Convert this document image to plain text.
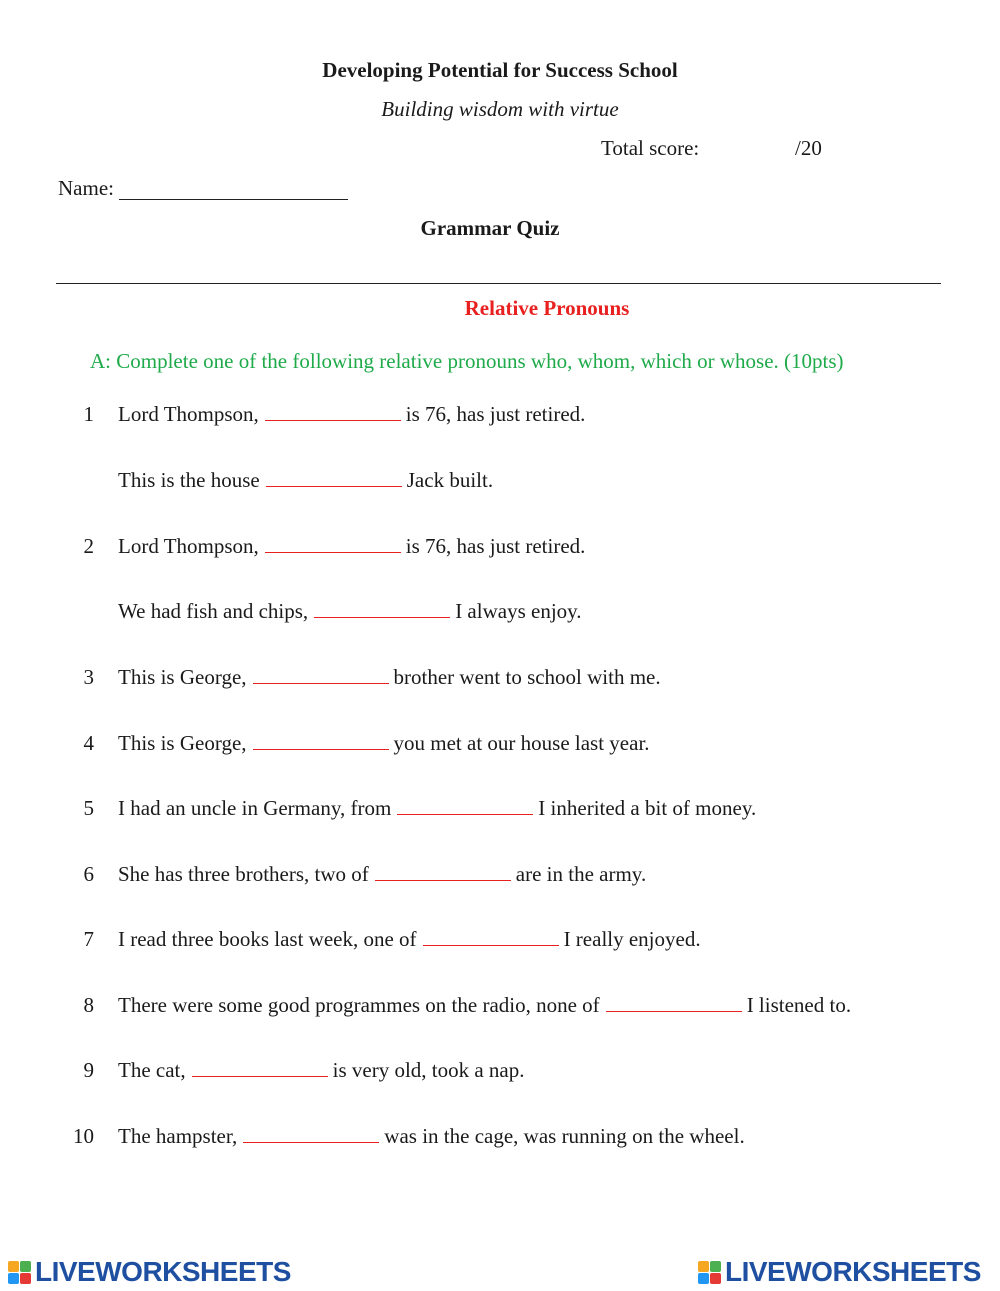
Developing Potential for Success School
Building wisdom with virtue
Total score:	/20
Name:
Grammar Quiz
Relative Pronouns
A: Complete one of the following relative pronouns who, whom, which or whose. (10pts)
1 Lord Thompson,	is 76, has just retired.
This is the house	Jack built.
2 Lord Thompson,	is 76, has just retired.
We had fish and chips,	I always enjoy.
3 This is George,	brother went to school with me.
4 This is George,	you met at our house last year.
5 I had an uncle in Germany, from	I inherited a bit of money.
6 She has three brothers, two of	are in the army.
7 I read three books last week, one of	I really enjoyed.
8 There were some good programmes on the radio, none of	I listened to.
9 The cat,	is very old, took a nap.
10 The hampster,	was in the cage, was running on the wheel.
LIVEWORKSHEETS	LIVEWORKSHEETS
